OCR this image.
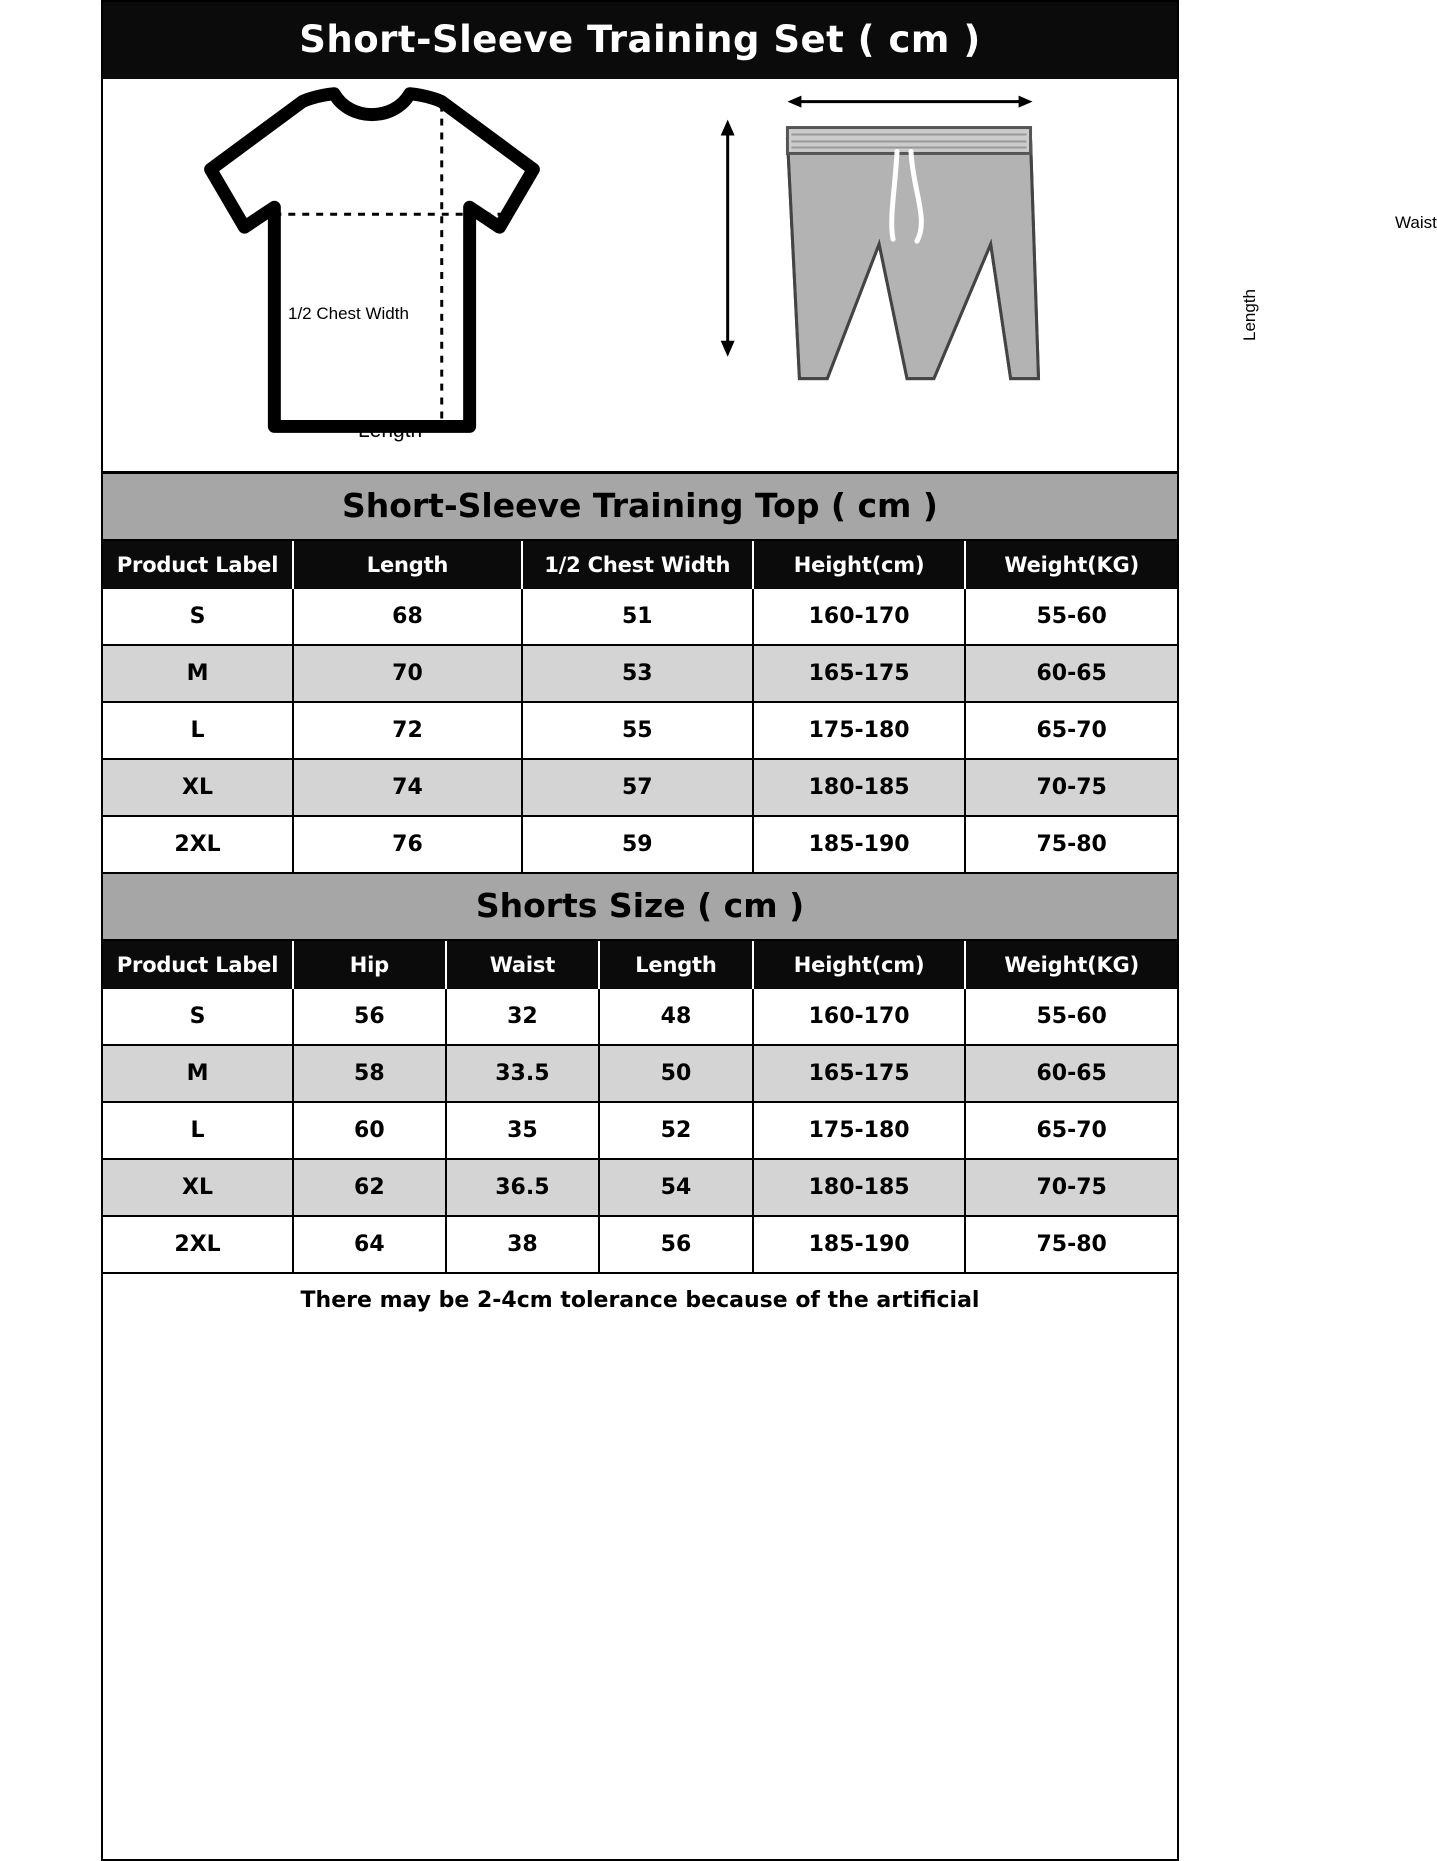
Short-Sleeve Training Set ( cm )
1/2 Chest Width
Length
Waist
Length
Short-Sleeve Training Top ( cm )
Product Label	Length	1/2 Chest Width	Height(cm)	Weight(KG)
S	68	51	160-170	55-60
M	70	53	165-175	60-65
L	72	55	175-180	65-70
XL	74	57	180-185	70-75
2XL	76	59	185-190	75-80
Shorts Size ( cm )
Product Label	Hip	Waist	Length	Height(cm)	Weight(KG)
S	56	32	48	160-170	55-60
M	58	33.5	50	165-175	60-65
L	60	35	52	175-180	65-70
XL	62	36.5	54	180-185	70-75
2XL	64	38	56	185-190	75-80
There may be 2-4cm tolerance because of the artificial
